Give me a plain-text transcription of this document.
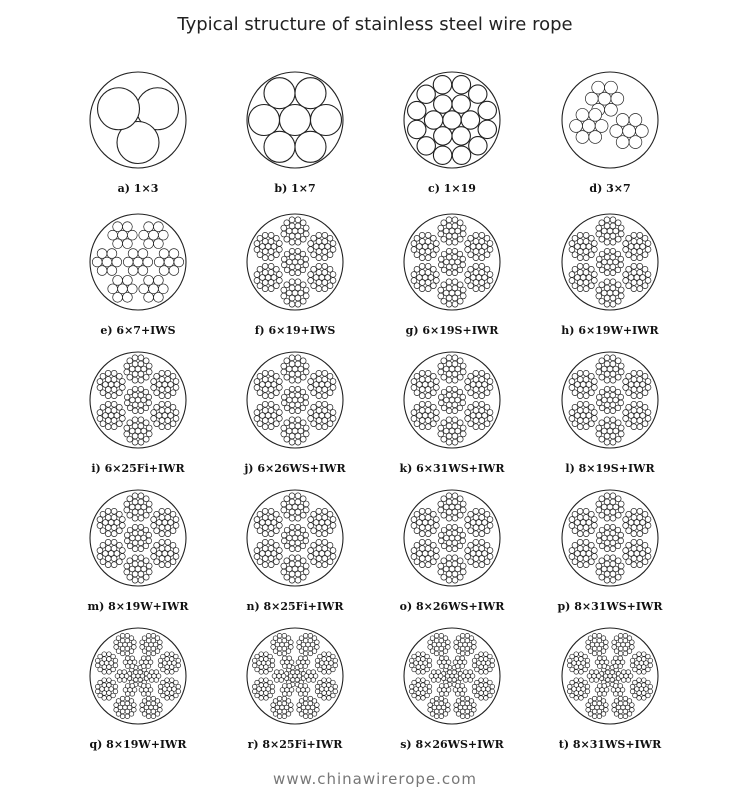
Typical structure of stainless steel wire rope
a) 1×3	b) 1×7	c) 1×19	d) 3×7
e) 6×7+IWS	f) 6×19+IWS	g) 6×19S+IWR	h) 6×19W+IWR
i) 6×25Fi+IWR	j) 6×26WS+IWR	k) 6×31WS+IWR	l) 8×19S+IWR
m) 8×19W+IWR	n) 8×25Fi+IWR	o) 8×26WS+IWR	p) 8×31WS+IWR
q) 8×19W+IWR	r) 8×25Fi+IWR	s) 8×26WS+IWR	t) 8×31WS+IWR
www.chinawirerope.com
